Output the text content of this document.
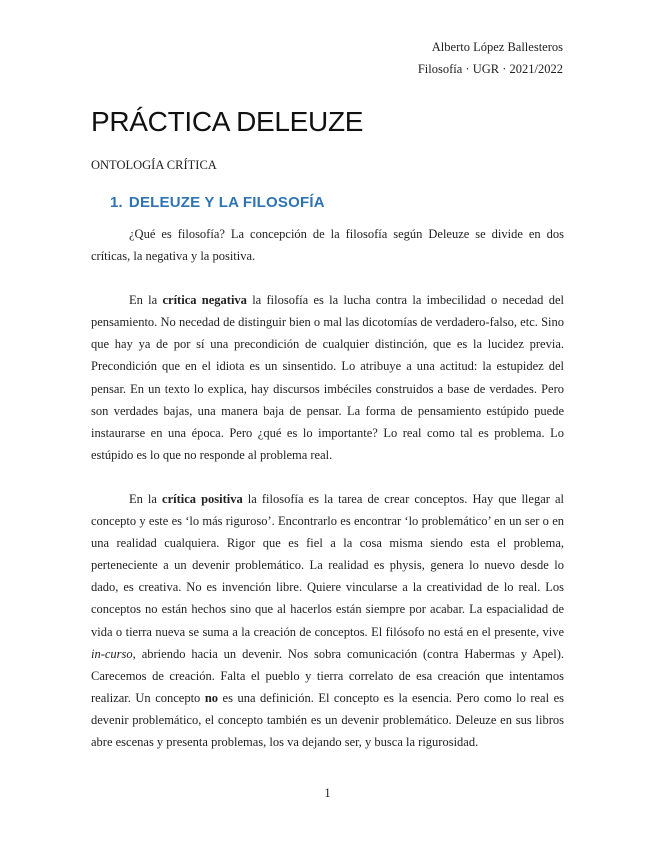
Alberto López Ballesteros
Filosofía · UGR · 2021/2022
PRÁCTICA DELEUZE
ONTOLOGÍA CRÍTICA
1. DELEUZE Y LA FILOSOFÍA

¿Qué es filosofía? La concepción de la filosofía según Deleuze se divide en dos críticas, la negativa y la positiva.

En la crítica negativa la filosofía es la lucha contra la imbecilidad o necedad del pensamiento. No necedad de distinguir bien o mal las dicotomías de verdadero-falso, etc. Sino que hay ya de por sí una precondición de cualquier distinción, que es la lucidez previa. Precondición que en el idiota es un sinsentido. Lo atribuye a una actitud: la estupidez del pensar. En un texto lo explica, hay discursos imbéciles construidos a base de verdades. Pero son verdades bajas, una manera baja de pensar. La forma de pensamiento estúpido puede instaurarse en una época. Pero ¿qué es lo importante? Lo real como tal es problema. Lo estúpido es lo que no responde al problema real.

En la crítica positiva la filosofía es la tarea de crear conceptos. Hay que llegar al concepto y este es ‘lo más riguroso’. Encontrarlo es encontrar ‘lo problemático’ en un ser o en una realidad cualquiera. Rigor que es fiel a la cosa misma siendo esta el problema, perteneciente a un devenir problemático. La realidad es physis, genera lo nuevo desde lo dado, es creativa. No es invención libre. Quiere vincularse a la creatividad de lo real. Los conceptos no están hechos sino que al hacerlos están siempre por acabar. La espacialidad de vida o tierra nueva se suma a la creación de conceptos. El filósofo no está en el presente, vive in-curso, abriendo hacia un devenir. Nos sobra comunicación (contra Habermas y Apel). Carecemos de creación. Falta el pueblo y tierra correlato de esa creación que intentamos realizar. Un concepto no es una definición. El concepto es la esencia. Pero como lo real es devenir problemático, el concepto también es un devenir problemático. Deleuze en sus libros abre escenas y presenta problemas, los va dejando ser, y busca la rigurosidad.

1
